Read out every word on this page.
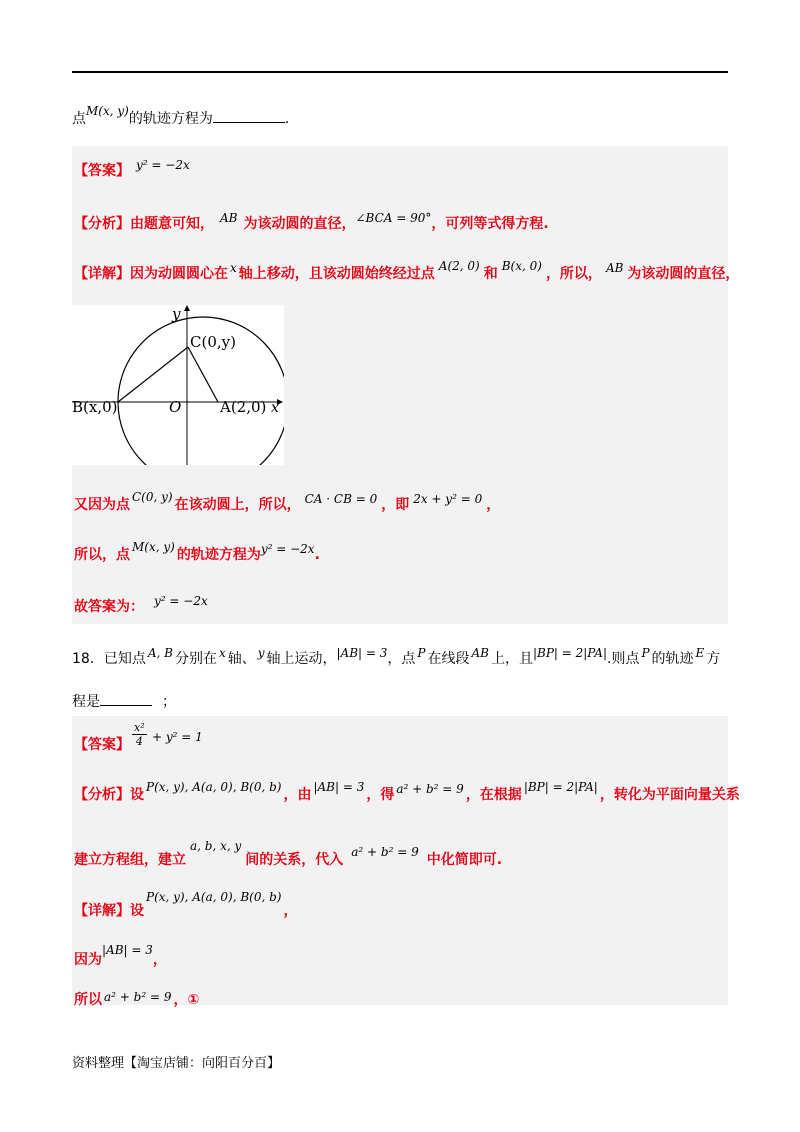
点M(x, y)的轨迹方程为	.
【答案】 y² = −2x
【分析】由题意可知， AB 为该动圆的直径，∠BCA = 90°，可列等式得方程.
【详解】因为动圆圆心在 x 轴上移动，且该动圆始终经过点 A(2, 0) 和 B(x, 0) ，所以， AB 为该动圆的直径，
y
C(0,y)
B(x,0)	O	A(2,0) x
又因为点 C(0, y) 在该动圆上，所以， CA · CB = 0 ，即 2x + y² = 0 ，
所以，点 M(x, y) 的轨迹方程为y² = −2x.
故答案为： y² = −2x
18．已知点 A, B 分别在 x 轴、 y 轴上运动，|AB| = 3，点 P 在线段 AB 上，且|BP| = 2|PA|.则点 P 的轨迹 E 方
程是	；
【答案】
x²
4 + y² = 1
【分析】设 P(x, y), A(a, 0), B(0, b) ，由 |AB| = 3 ，得 a² + b² = 9 ，在根据 |BP| = 2|PA| ，转化为平面向量关系
建立方程组，建立a, b, x, y间的关系，代入 a² + b² = 9 中化简即可.
【详解】设P(x, y), A(a, 0), B(0, b)，
因为|AB| = 3，
所以 a² + b² = 9 ，①
资料整理【淘宝店铺：向阳百分百】
